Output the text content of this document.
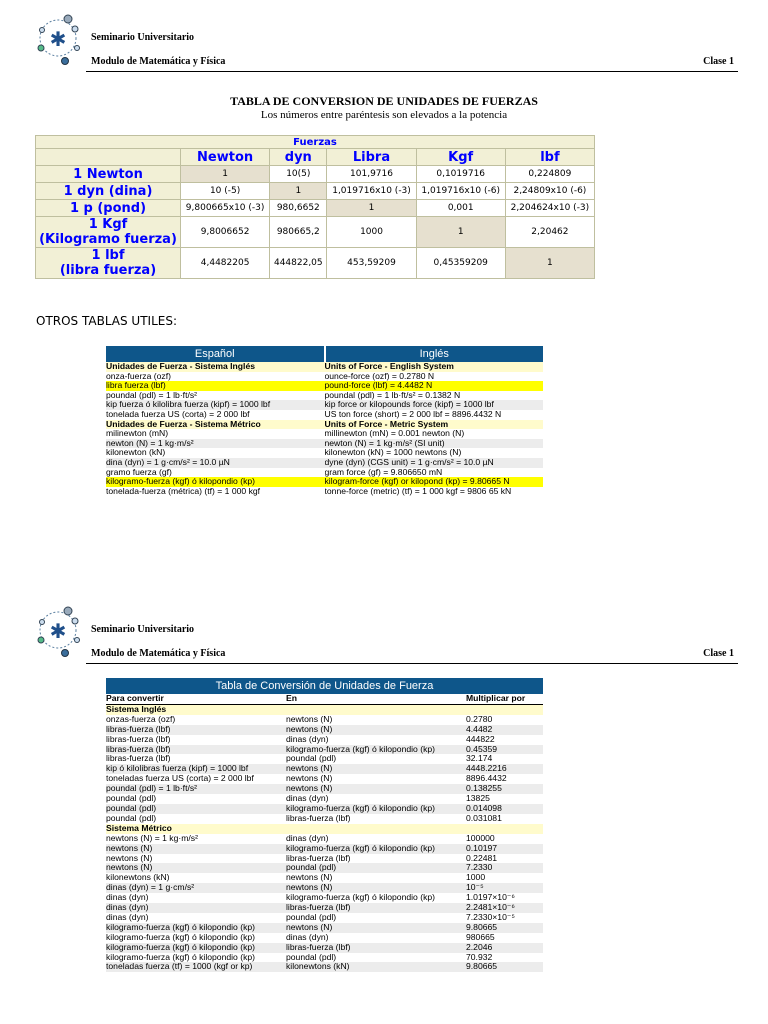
✱ Seminario Universitario
Modulo de Matemática y Física	Clase 1
TABLA DE CONVERSION DE UNIDADES DE FUERZAS
Los números entre paréntesis son elevados a la potencia
Fuerzas					
	Newton	dyn	Libra	Kgf	lbf
1 Newton	1	10(5)	101,9716	0,1019716	0,224809
1 dyn (dina)	10 (-5)	1	1,019716x10 (-3)	1,019716x10 (-6)	2,24809x10 (-6)
1 p (pond)	9,800665x10 (-3)	980,6652	1	0,001	2,204624x10 (-3)
1 Kgf
(Kilogramo fuerza)	9,8006652	980665,2	1000	1	2,20462
1 lbf
(libra fuerza)	4,4482205	444822,05	453,59209	0,45359209	1
OTROS TABLAS UTILES:
Español	Inglés
Unidades de Fuerza - Sistema Inglés	Units of Force - English System
onza-fuerza (ozf)	ounce-force (ozf) = 0.2780 N
libra fuerza (lbf)	pound-force (lbf) = 4.4482 N
poundal (pdl) = 1 lb·ft/s²	poundal (pdl) = 1 lb·ft/s² = 0.1382 N
kip fuerza ó kilolibra fuerza (kipf) = 1000 lbf	kip force or kilopounds force (kipf) = 1000 lbf
tonelada fuerza US (corta) = 2 000 lbf	US ton force (short) = 2 000 lbf = 8896.4432 N
Unidades de Fuerza - Sistema Métrico	Units of Force - Metric System
milinewton (mN)	millinewton (mN) = 0.001 newton (N)
newton (N) = 1 kg·m/s²	newton (N) = 1 kg·m/s² (SI unit)
kilonewton (kN)	kilonewton (kN) = 1000 newtons (N)
dina (dyn) = 1 g·cm/s² = 10.0 µN	dyne (dyn) (CGS unit) = 1 g·cm/s² = 10.0 µN
gramo fuerza (gf)	gram force (gf) = 9.806650 mN
kilogramo-fuerza (kgf) ó kilopondio (kp)	kilogram-force (kgf) or kilopond (kp) = 9.80665 N
tonelada-fuerza (métrica) (tf) = 1 000 kgf	tonne-force (metric) (tf) = 1 000 kgf = 9806 65 kN
✱ Seminario Universitario
Modulo de Matemática y Física	Clase 1
Tabla de Conversión de Unidades de Fuerza
Para convertir	En	Multiplicar por
Sistema Inglés
onzas-fuerza (ozf)	newtons (N)	0.2780
libras-fuerza (lbf)	newtons (N)	4.4482
libras-fuerza (lbf)	dinas (dyn)	444822
libras-fuerza (lbf)	kilogramo-fuerza (kgf) ó kilopondio (kp)	0.45359
libras-fuerza (lbf)	poundal (pdl)	32.174
kip ó kilolibras fuerza (kipf) = 1000 lbf	newtons (N)	4448.2216
toneladas fuerza US (corta) = 2 000 lbf	newtons (N)	8896.4432
poundal (pdl) = 1 lb·ft/s²	newtons (N)	0.138255
poundal (pdl)	dinas (dyn)	13825
poundal (pdl)	kilogramo-fuerza (kgf) ó kilopondio (kp)	0.014098
poundal (pdl)	libras-fuerza (lbf)	0.031081
Sistema Métrico
newtons (N) = 1 kg·m/s²	dinas (dyn)	100000
newtons (N)	kilogramo-fuerza (kgf) ó kilopondio (kp)	0.10197
newtons (N)	libras-fuerza (lbf)	0.22481
newtons (N)	poundal (pdl)	7.2330
kilonewtons (kN)	newtons (N)	1000
dinas (dyn) = 1 g·cm/s²	newtons (N)	10⁻⁵
dinas (dyn)	kilogramo-fuerza (kgf) ó kilopondio (kp)	1.0197×10⁻⁶
dinas (dyn)	libras-fuerza (lbf)	2.2481×10⁻⁶
dinas (dyn)	poundal (pdl)	7.2330×10⁻⁵
kilogramo-fuerza (kgf) ó kilopondio (kp)	newtons (N)	9.80665
kilogramo-fuerza (kgf) ó kilopondio (kp)	dinas (dyn)	980665
kilogramo-fuerza (kgf) ó kilopondio (kp)	libras-fuerza (lbf)	2.2046
kilogramo-fuerza (kgf) ó kilopondio (kp)	poundal (pdl)	70.932
toneladas fuerza (tf) = 1000 (kgf or kp)	kilonewtons (kN)	9.80665
